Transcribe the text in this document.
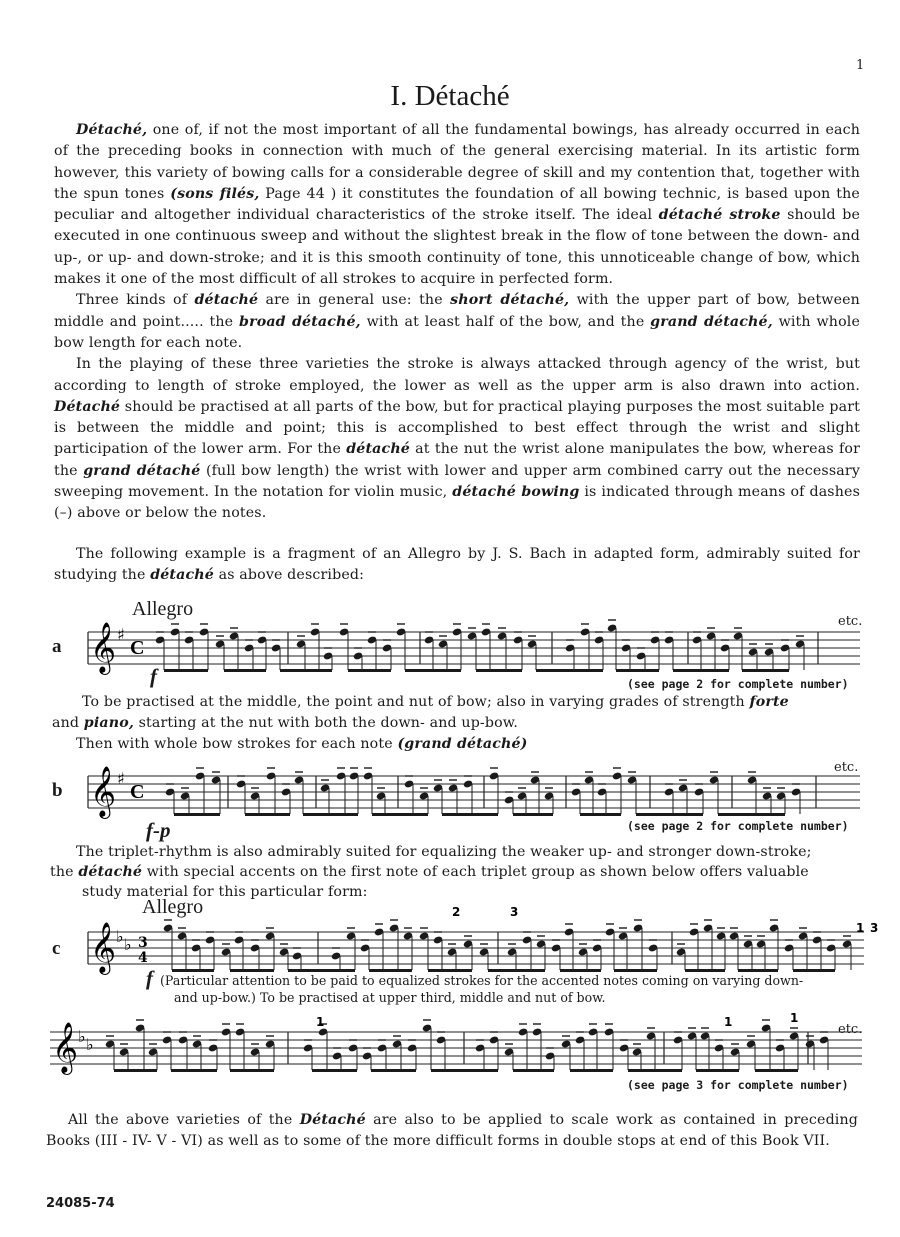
1
I. Détaché

Détaché, one of, if not the most important of all the fundamental bowings, has already occurred in each of the preceding books in connection with much of the general exercising material. In its artistic form however, this variety of bowing calls for a considerable degree of skill and my contention that, together with the spun tones (sons filés, Page 44 ) it constitutes the foundation of all bowing technic, is based upon the peculiar and altogether individual characteristics of the stroke itself. The ideal détaché stroke should be executed in one continuous sweep and without the slightest break in the flow of tone between the down- and up-, or up- and down-stroke; and it is this smooth continuity of tone, this unnoticeable change of bow, which makes it one of the most difficult of all strokes to acquire in perfected form.

Three kinds of détaché are in general use: the short détaché, with the upper part of bow, between middle and point..... the broad détaché, with at least half of the bow, and the grand détaché, with whole bow length for each note.

In the playing of these three varieties the stroke is always attacked through agency of the wrist, but according to length of stroke employed, the lower as well as the upper arm is also drawn into action. Détaché should be practised at all parts of the bow, but for practical playing purposes the most suitable part is between the middle and point; this is accomplished to best effect through the wrist and slight participation of the lower arm. For the détaché at the nut the wrist alone manipulates the bow, whereas for the grand détaché (full bow length) the wrist with lower and upper arm combined carry out the necessary sweeping movement. In the notation for violin music, détaché bowing is indicated through means of dashes (–) above or below the notes.

The following example is a fragment of an Allegro by J. S. Bach in adapted form, admirably suited for studying the détaché as above described:

a
Allegro
f
etc.
(see page 2 for complete number)
𝄞 ♯
C
To be practised at the middle, the point and nut of bow; also in varying grades of strength forte
and piano, starting at the nut with both the down- and up-bow.
Then with whole bow strokes for each note (grand détaché)
b
f-p
etc.
(see page 2 for complete number)
𝄞 ♯
C
The triplet-rhythm is also admirably suited for equalizing the weaker up- and stronger down-stroke;
the détaché with special accents on the first note of each triplet group as shown below offers valuable
study material for this particular form:
c
Allegro
f (Particular attention to be paid to equalized strokes for the accented notes coming on varying down-
and up-bow.) To be practised at upper third, middle and nut of bow.
𝄞 ♭ ♭ 3
4
2	3
1 3
etc.
(see page 3 for complete number)
𝄞 ♭ ♭
1	1	1

All the above varieties of the Détaché are also to be applied to scale work as contained in preceding Books (III - IV- V - VI) as well as to some of the more difficult forms in double stops at end of this Book VII.

24085-74
